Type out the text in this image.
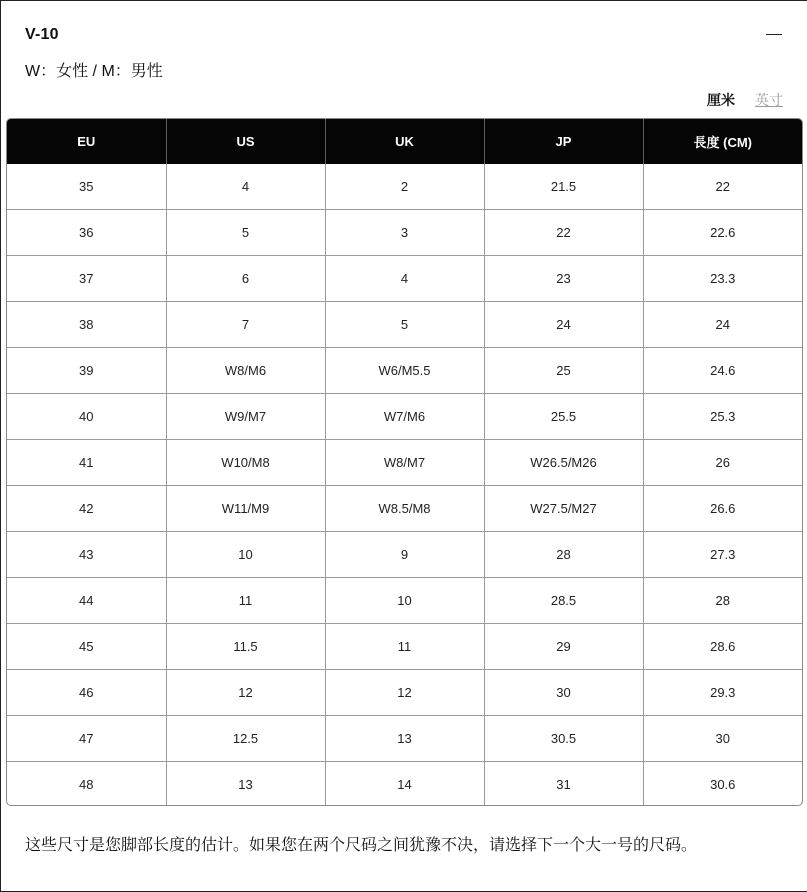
V-10
W：女性 / M：男性
厘米 英寸
EU	US	UK	JP	長度 (CM)
35	4	2	21.5	22
36	5	3	22	22.6
37	6	4	23	23.3
38	7	5	24	24
39	W8/M6	W6/M5.5	25	24.6
40	W9/M7	W7/M6	25.5	25.3
41	W10/M8	W8/M7	W26.5/M26	26
42	W11/M9	W8.5/M8	W27.5/M27	26.6
43	10	9	28	27.3
44	11	10	28.5	28
45	11.5	11	29	28.6
46	12	12	30	29.3
47	12.5	13	30.5	30
48	13	14	31	30.6
这些尺寸是您脚部长度的估计。如果您在两个尺码之间犹豫不决，请选择下一个大一号的尺码。
